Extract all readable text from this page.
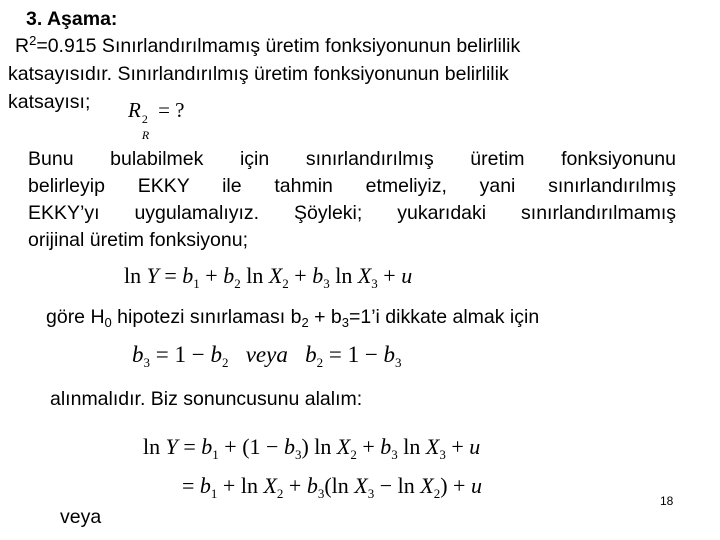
3. Aşama:
$R^2=0.915$ Sınırlandırılmamış üretim fonksiyonunun belirlilik
katsayısıdır. Sınırlandırılmış üretim fonksiyonunun belirlilik
katsayısı; R 2
R
= ?
Bunu bulabilmek için sınırlandırılmış üretim fonksiyonunu
belirleyip EKKY ile tahmin etmeliyiz, yani sınırlandırılmış
EKKY’yı uygulamalıyız. Şöyleki; yukarıdaki sınırlandırılmamış
orijinal üretim fonksiyonu;
$\ln Y = b_1 + b_2$ $\ln X_2 + b_3$ $\ln X_3 + u$
göre $H_0$ hipotezi sınırlaması $b_2$ + $b_3=1’i$ dikkate almak için
$b_3 = 1 - b_2$ veya $b_2 = 1 - b_3$
alınmalıdır. Biz sonuncusunu alalım:
$\ln Y = b_1 + (1 - b_3)$ $\ln X_2 + b_3$ $\ln X_3 + u$
= $b_1 + \ln X_2 + b_3(\ln$ $X_3 - \ln X_2) + u$
veya
18
